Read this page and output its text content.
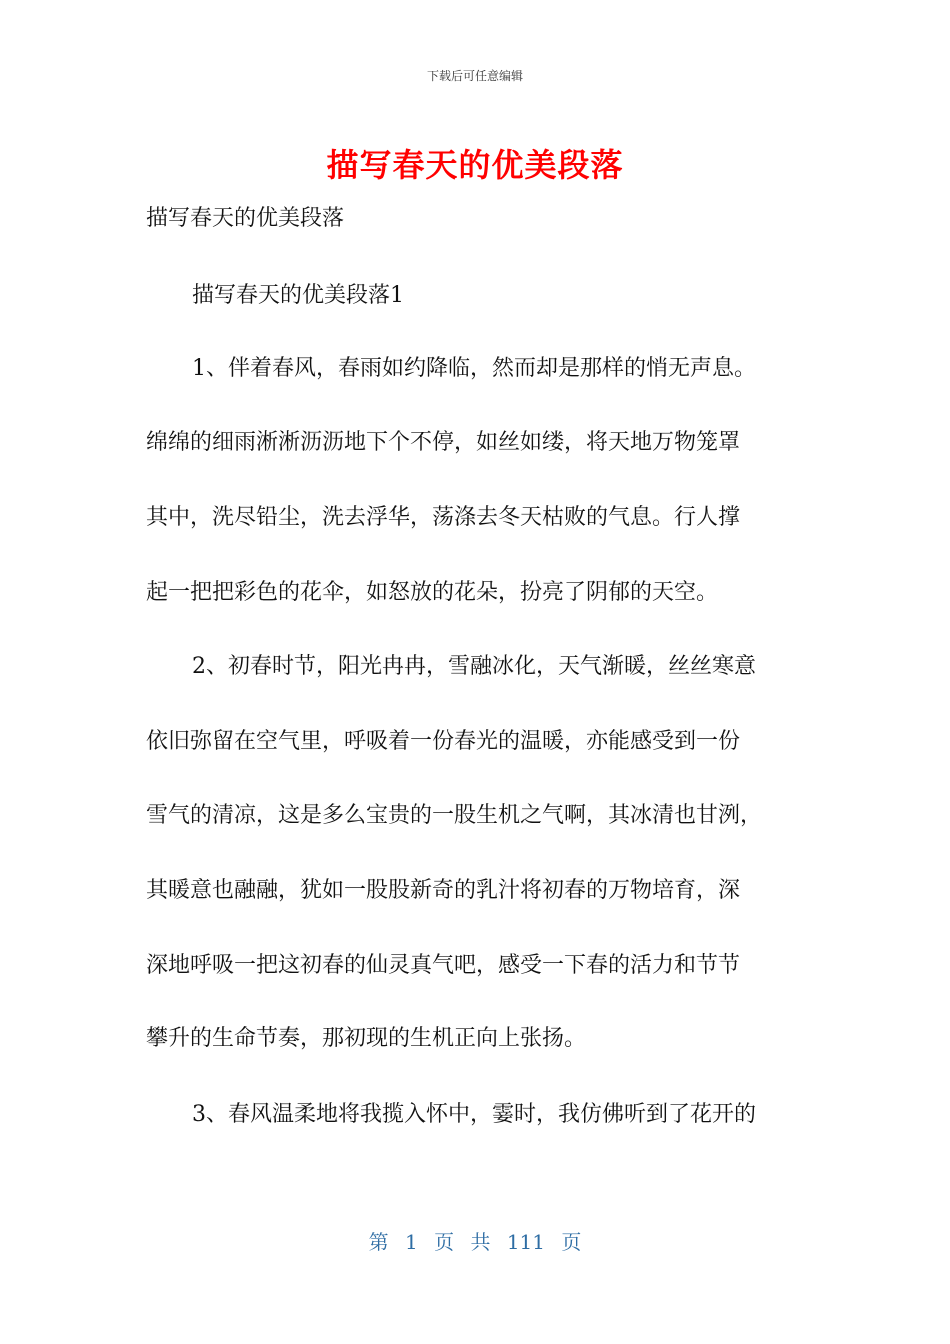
下载后可任意编辑
描写春天的优美段落
描写春天的优美段落
描写春天的优美段落1
1、伴着春风，春雨如约降临，然而却是那样的悄无声息。
绵绵的细雨淅淅沥沥地下个不停，如丝如缕，将天地万物笼罩
其中，洗尽铅尘，洗去浮华，荡涤去冬天枯败的气息。行人撑
起一把把彩色的花伞，如怒放的花朵，扮亮了阴郁的天空。
2、初春时节，阳光冉冉，雪融冰化，天气渐暖，丝丝寒意
依旧弥留在空气里，呼吸着一份春光的温暖，亦能感受到一份
雪气的清凉，这是多么宝贵的一股生机之气啊，其冰清也甘洌，
其暖意也融融，犹如一股股新奇的乳汁将初春的万物培育，深
深地呼吸一把这初春的仙灵真气吧，感受一下春的活力和节节
攀升的生命节奏，那初现的生机正向上张扬。
3、春风温柔地将我揽入怀中，霎时，我仿佛听到了花开的
第 1 页 共 111 页
